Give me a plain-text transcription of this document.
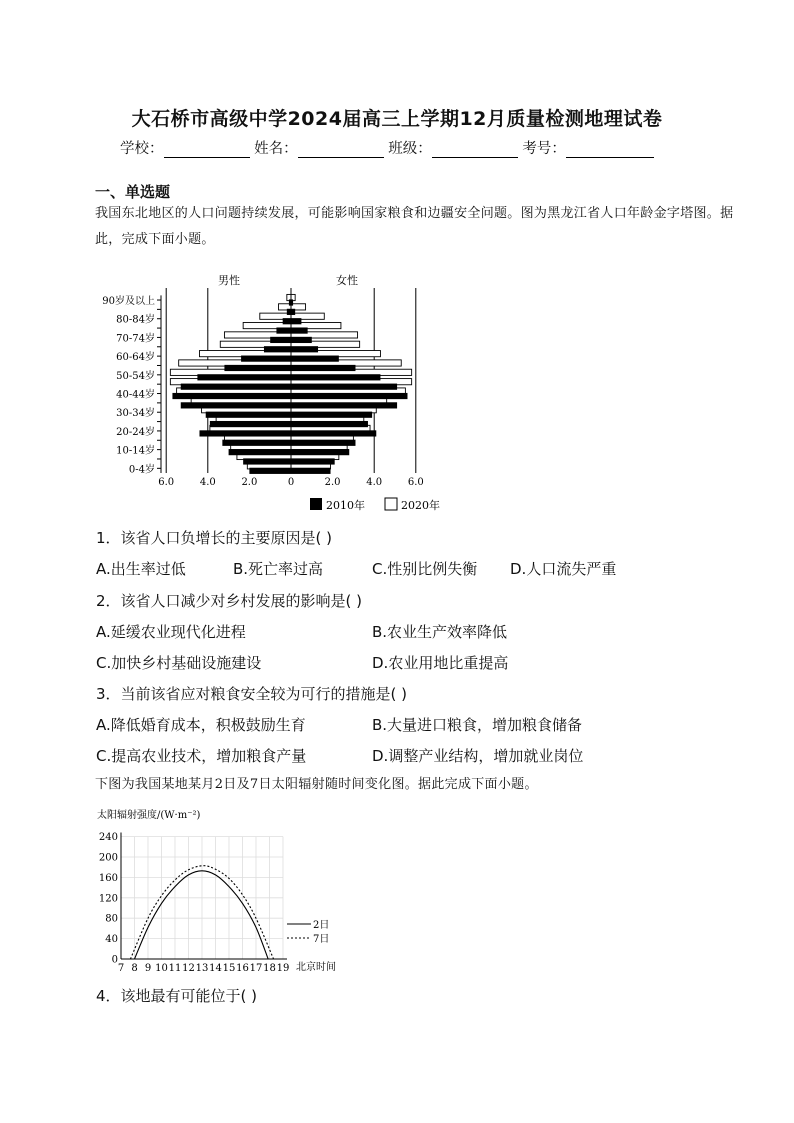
大石桥市高级中学2024届高三上学期12月质量检测地理试卷
学校：	姓名：	班级：	考号：
一、单选题
我国东北地区的人口问题持续发展，可能影响国家粮食和边疆安全问题。图为黑龙江省人口年龄金字塔图。据此，完成下面小题。
6.0	4.0	2.0	0	2.0	4.0	6.0
0-4岁
10-14岁
20-24岁
30-34岁
40-44岁
50-54岁
60-64岁
70-74岁
80-84岁
90岁及以上
男性	女性
2010年	2020年
1．该省人口负增长的主要原因是( )
A.出生率过低	B.死亡率过高	C.性别比例失衡 D.人口流失严重
2．该省人口减少对乡村发展的影响是( )
A.延缓农业现代化进程	B.农业生产效率降低
C.加快乡村基础设施建设	D.农业用地比重提高
3．当前该省应对粮食安全较为可行的措施是( )
A.降低婚育成本，积极鼓励生育	B.大量进口粮食，增加粮食储备
C.提高农业技术，增加粮食产量	D.调整产业结构，增加就业岗位
下图为我国某地某月2日及7日太阳辐射随时间变化图。据此完成下面小题。
太阳辐射强度/(W·m⁻²)
0
40
80
120
160
200
240
7 8 9 10 11 12 13 14 15 16 17 18 19 北京时间
2日
7日
4．该地最有可能位于( )
